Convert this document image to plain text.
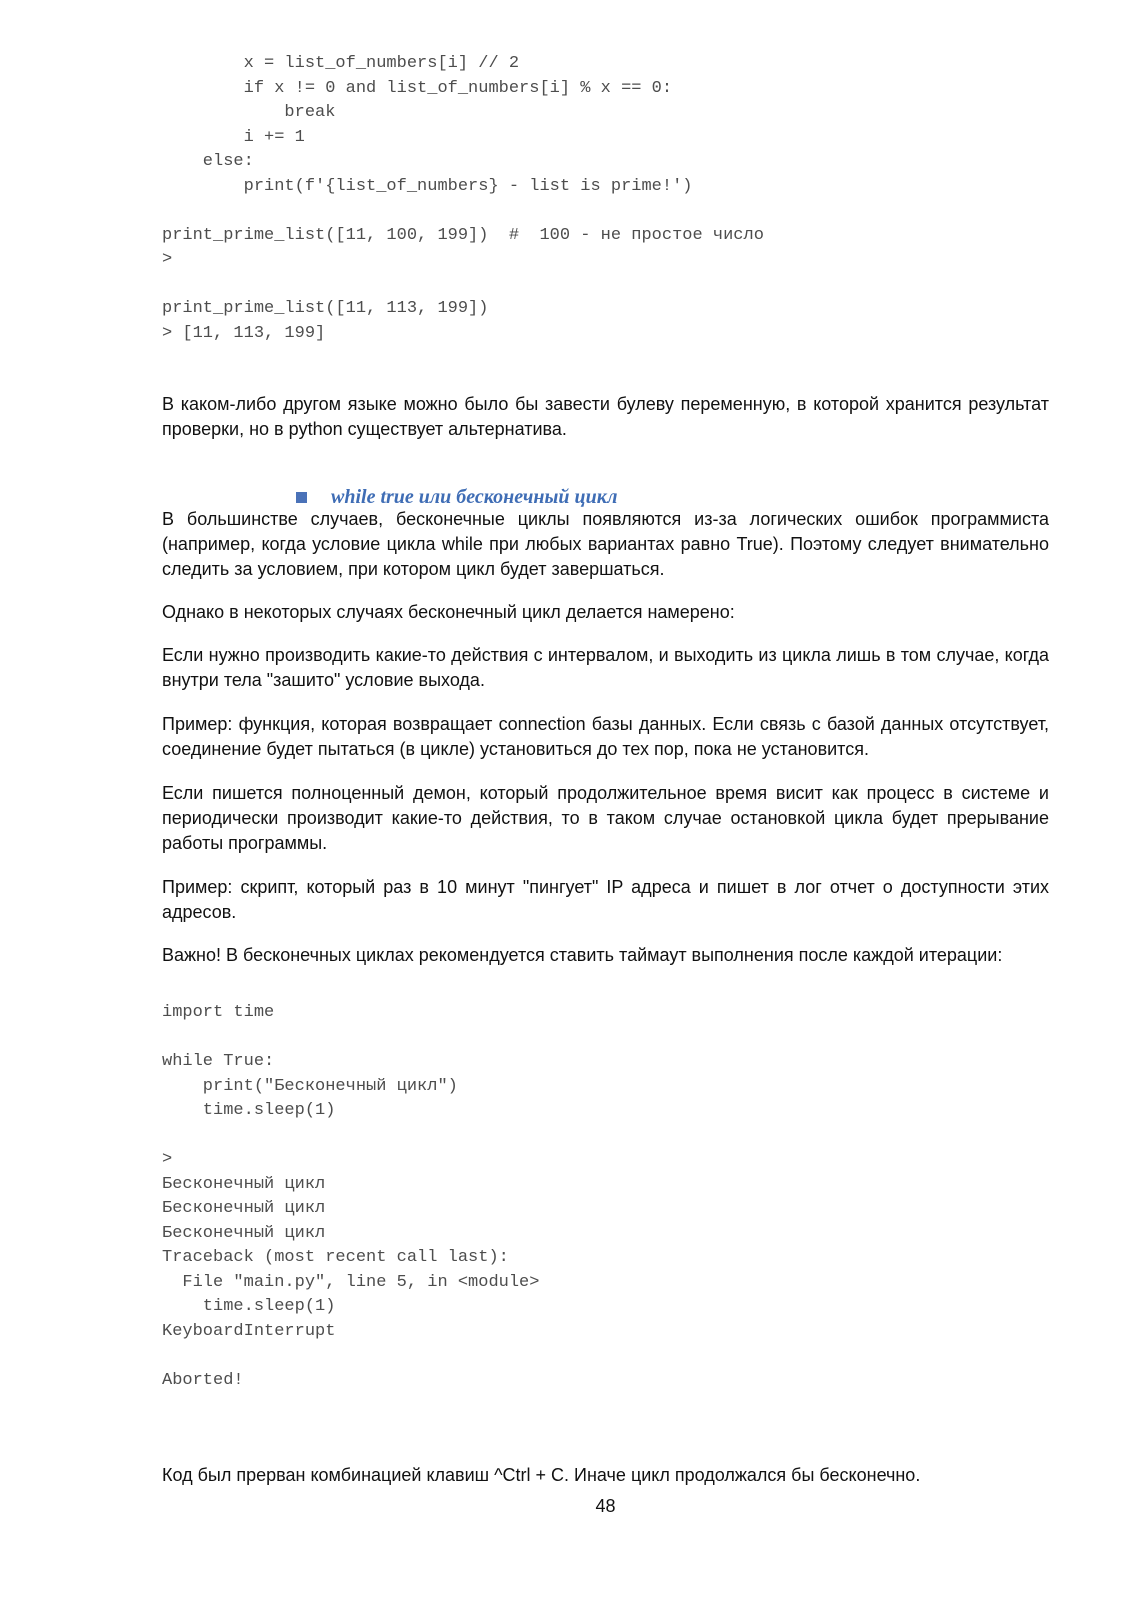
x = list_of_numbers[i] // 2
if x != 0 and list_of_numbers[i] % x == 0:
break
i += 1
else:
print(f'{list_of_numbers} - list is prime!')
print_prime_list([11, 100, 199])  #  100 - не простое число
>
print_prime_list([11, 113, 199])
> [11, 113, 199]

В каком-либо другом языке можно было бы завести булеву переменную, в которой хранится результат проверки, но в python существует альтернатива.

while true или бесконечный цикл

В большинстве случаев, бесконечные циклы появляются из-за логических ошибок программиста (например, когда условие цикла while при любых вариантах равно True). Поэтому следует внимательно следить за условием, при котором цикл будет завершаться.

Однако в некоторых случаях бесконечный цикл делается намерено:

Если нужно производить какие-то действия с интервалом, и выходить из цикла лишь в том случае, когда внутри тела "зашито" условие выхода.

Пример: функция, которая возвращает connection базы данных. Если связь с базой данных отсутствует, соединение будет пытаться (в цикле) установиться до тех пор, пока не установится.

Если пишется полноценный демон, который продолжительное время висит как процесс в системе и периодически производит какие-то действия, то в таком случае остановкой цикла будет прерывание работы программы.

Пример: скрипт, который раз в 10 минут "пингует" IP адреса и пишет в лог отчет о доступности этих адресов.

Важно! В бесконечных циклах рекомендуется ставить таймаут выполнения после каждой итерации:

import time
while True:
print("Бесконечный цикл")
time.sleep(1)
>
Бесконечный цикл
Бесконечный цикл
Бесконечный цикл
Traceback (most recent call last):
File "main.py", line 5, in <module>
time.sleep(1)
KeyboardInterrupt
Aborted!

Код был прерван комбинацией клавиш ^Ctrl + C. Иначе цикл продолжался бы бесконечно.

48
